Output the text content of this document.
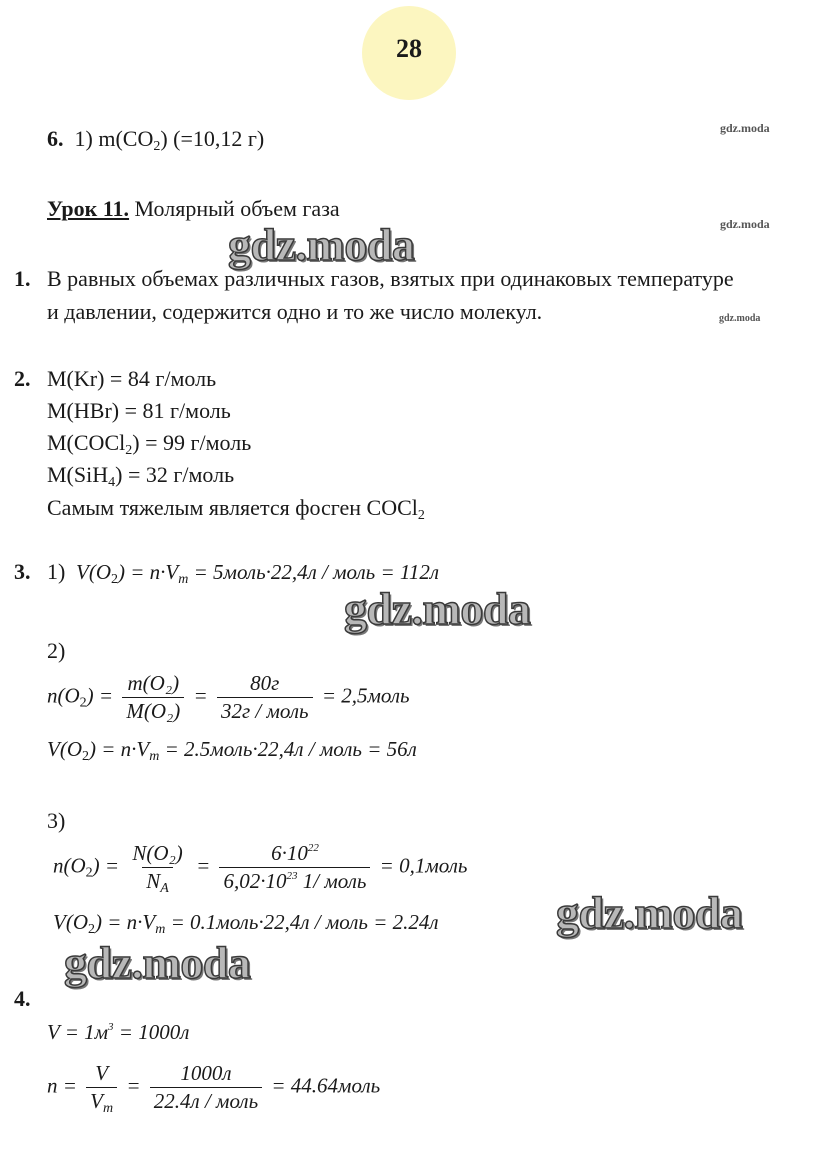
28
gdz.moda
gdz.moda
gdz.moda
6. 1) $m(CO_2)$ (=10,12 г)
Урок 11. Молярный объем газа
gdz.moda
1. В равных объемах различных газов, взятых при одинаковых температуре
и давлении, содержится одно и то же число молекул.
2. M(Kr) = 84 г/моль
M(HBr) = 81 г/моль
M(COCl$_2$) = 99 г/моль
M(SiH$_4$) = 32 г/моль
Самым тяжелым является фосген COCl$_2$
3. 1) $V(O_2) = n\cdot V_m$ = 5моль·22,4л / моль = 112л
gdz.moda
2)
$n(O_2) = \frac{\text{m(O₂)}}{\text{M(O₂)}} = \frac{80г}{\text{32г / моль}}$ = 2,5моль
$V(O_2) = n\cdot V_m$ = 2.5моль·22,4л / моль = 56л
3)
$n(O_2) = \frac{\text{N(O₂)}}{N_A} = \frac{6\cdot 10^{22}}{6,02\cdot 10^{23} 1/ моль}$ = 0,1моль
$V(O_2) = n\cdot V_m$ = 0.1моль·22,4л / моль = 2.24л	gdz.moda
gdz.moda
4.
$V = 1м^3 = 1000л$
$n = \frac{V}{V_m} = \frac{1000л}{\text{22.4л / моль}}$ = 44.64моль
